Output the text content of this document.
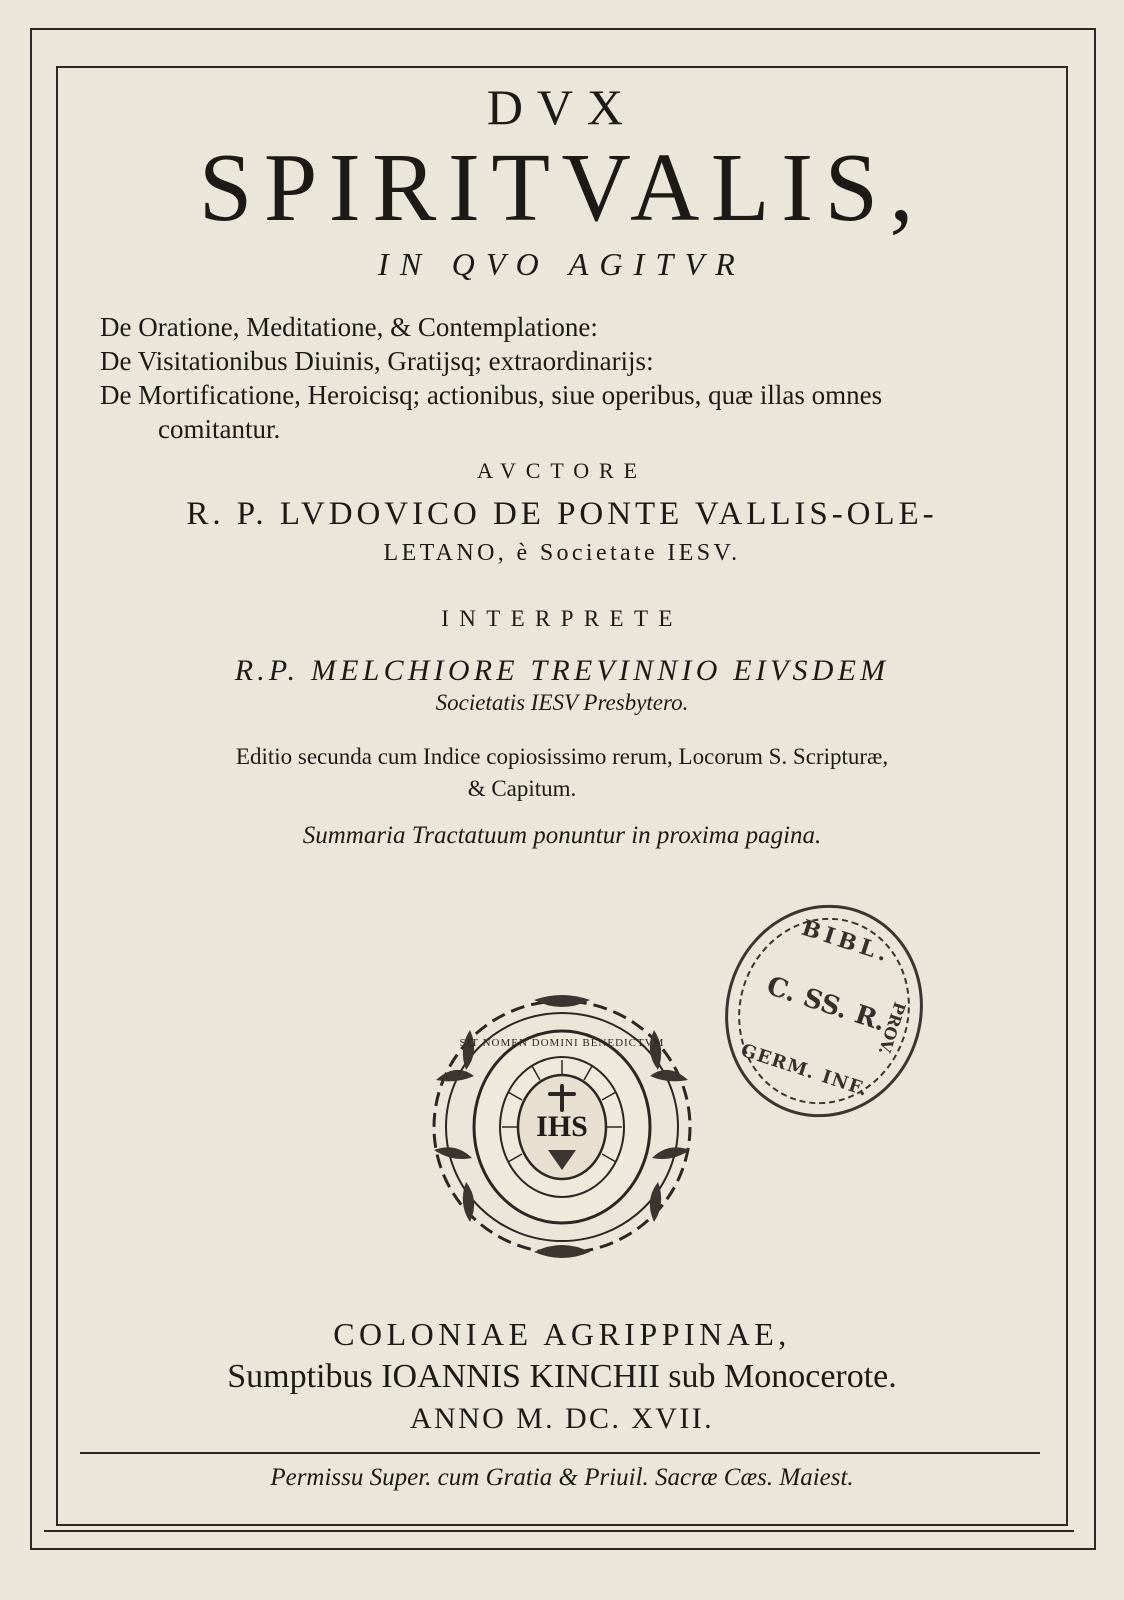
DVX
SPIRITVALIS,
IN QVO AGITVR
De Oratione, Meditatione, & Contemplatione:
De Visitationibus Diuinis, Gratijsq; extraordinarijs:
De Mortificatione, Heroicisq; actionibus, siue operibus, quæ illas omnes
comitantur.
AVCTORE
R. P. LVDOVICO DE PONTE VALLIS-OLE-
LETANO, è Societate IESV.
INTERPRETE
R.P. MELCHIORE TREVINNIO EIVSDEM
Societatis IESV Presbytero.
Editio secunda cum Indice copiosissimo rerum, Locorum S. Scripturæ,
& Capitum.
Summaria Tractatuum ponuntur in proxima pagina.
BIBL.
C. SS. R.
GERM. INF.
PROV.
IHS
SIT NOMEN DOMINI BENEDICTVM
COLONIAE AGRIPPINAE,
Sumptibus IOANNIS KINCHII sub Monocerote.
ANNO M. DC. XVII.
Permissu Super. cum Gratia & Priuil. Sacræ Cæs. Maiest.
